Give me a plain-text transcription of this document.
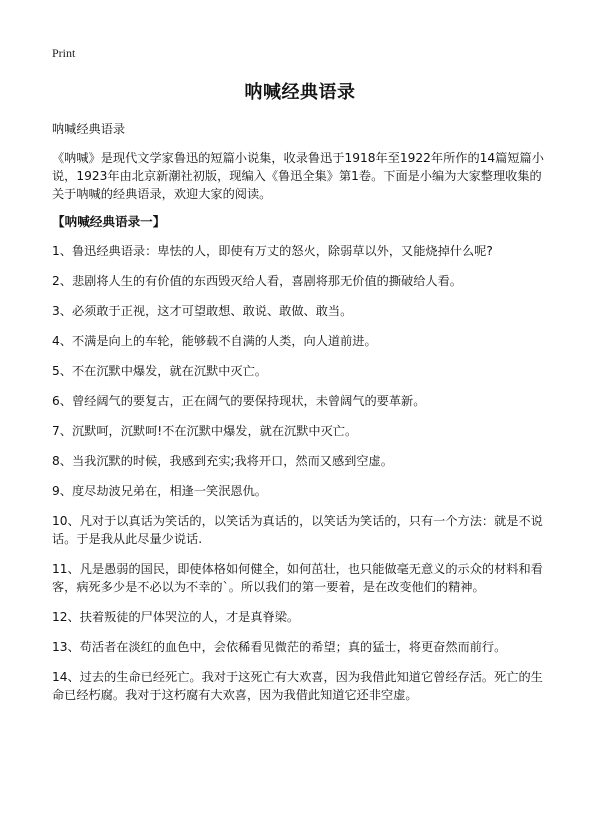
Print
呐喊经典语录

呐喊经典语录

《呐喊》是现代文学家鲁迅的短篇小说集，收录鲁迅于1918年至1922年所作的14篇短篇小说，1923年由北京新潮社初版，现编入《鲁迅全集》第1卷。下面是小编为大家整理收集的关于呐喊的经典语录，欢迎大家的阅读。

【呐喊经典语录一】

1、鲁迅经典语录：卑怯的人，即使有万丈的怒火，除弱草以外，又能烧掉什么呢?

2、悲剧将人生的有价值的东西毁灭给人看，喜剧将那无价值的撕破给人看。

3、必须敢于正视，这才可望敢想、敢说、敢做、敢当。

4、不满是向上的车轮，能够载不自满的人类，向人道前进。

5、不在沉默中爆发，就在沉默中灭亡。

6、曾经阔气的要复古，正在阔气的要保持现状，未曾阔气的要革新。

7、沉默呵，沉默呵!不在沉默中爆发，就在沉默中灭亡。

8、当我沉默的时候，我感到充实;我将开口，然而又感到空虚。

9、度尽劫波兄弟在，相逢一笑泯恩仇。

10、凡对于以真话为笑话的，以笑话为真话的，以笑话为笑话的，只有一个方法：就是不说话。于是我从此尽量少说话.

11、凡是愚弱的国民，即使体格如何健全，如何茁壮，也只能做毫无意义的示众的材料和看客，病死多少是不必以为不幸的`。所以我们的第一要着，是在改变他们的精神。

12、扶着叛徒的尸体哭泣的人，才是真脊梁。

13、苟活者在淡红的血色中，会依稀看见微茫的希望；真的猛士，将更奋然而前行。

14、过去的生命已经死亡。我对于这死亡有大欢喜，因为我借此知道它曾经存活。死亡的生命已经朽腐。我对于这朽腐有大欢喜，因为我借此知道它还非空虚。
